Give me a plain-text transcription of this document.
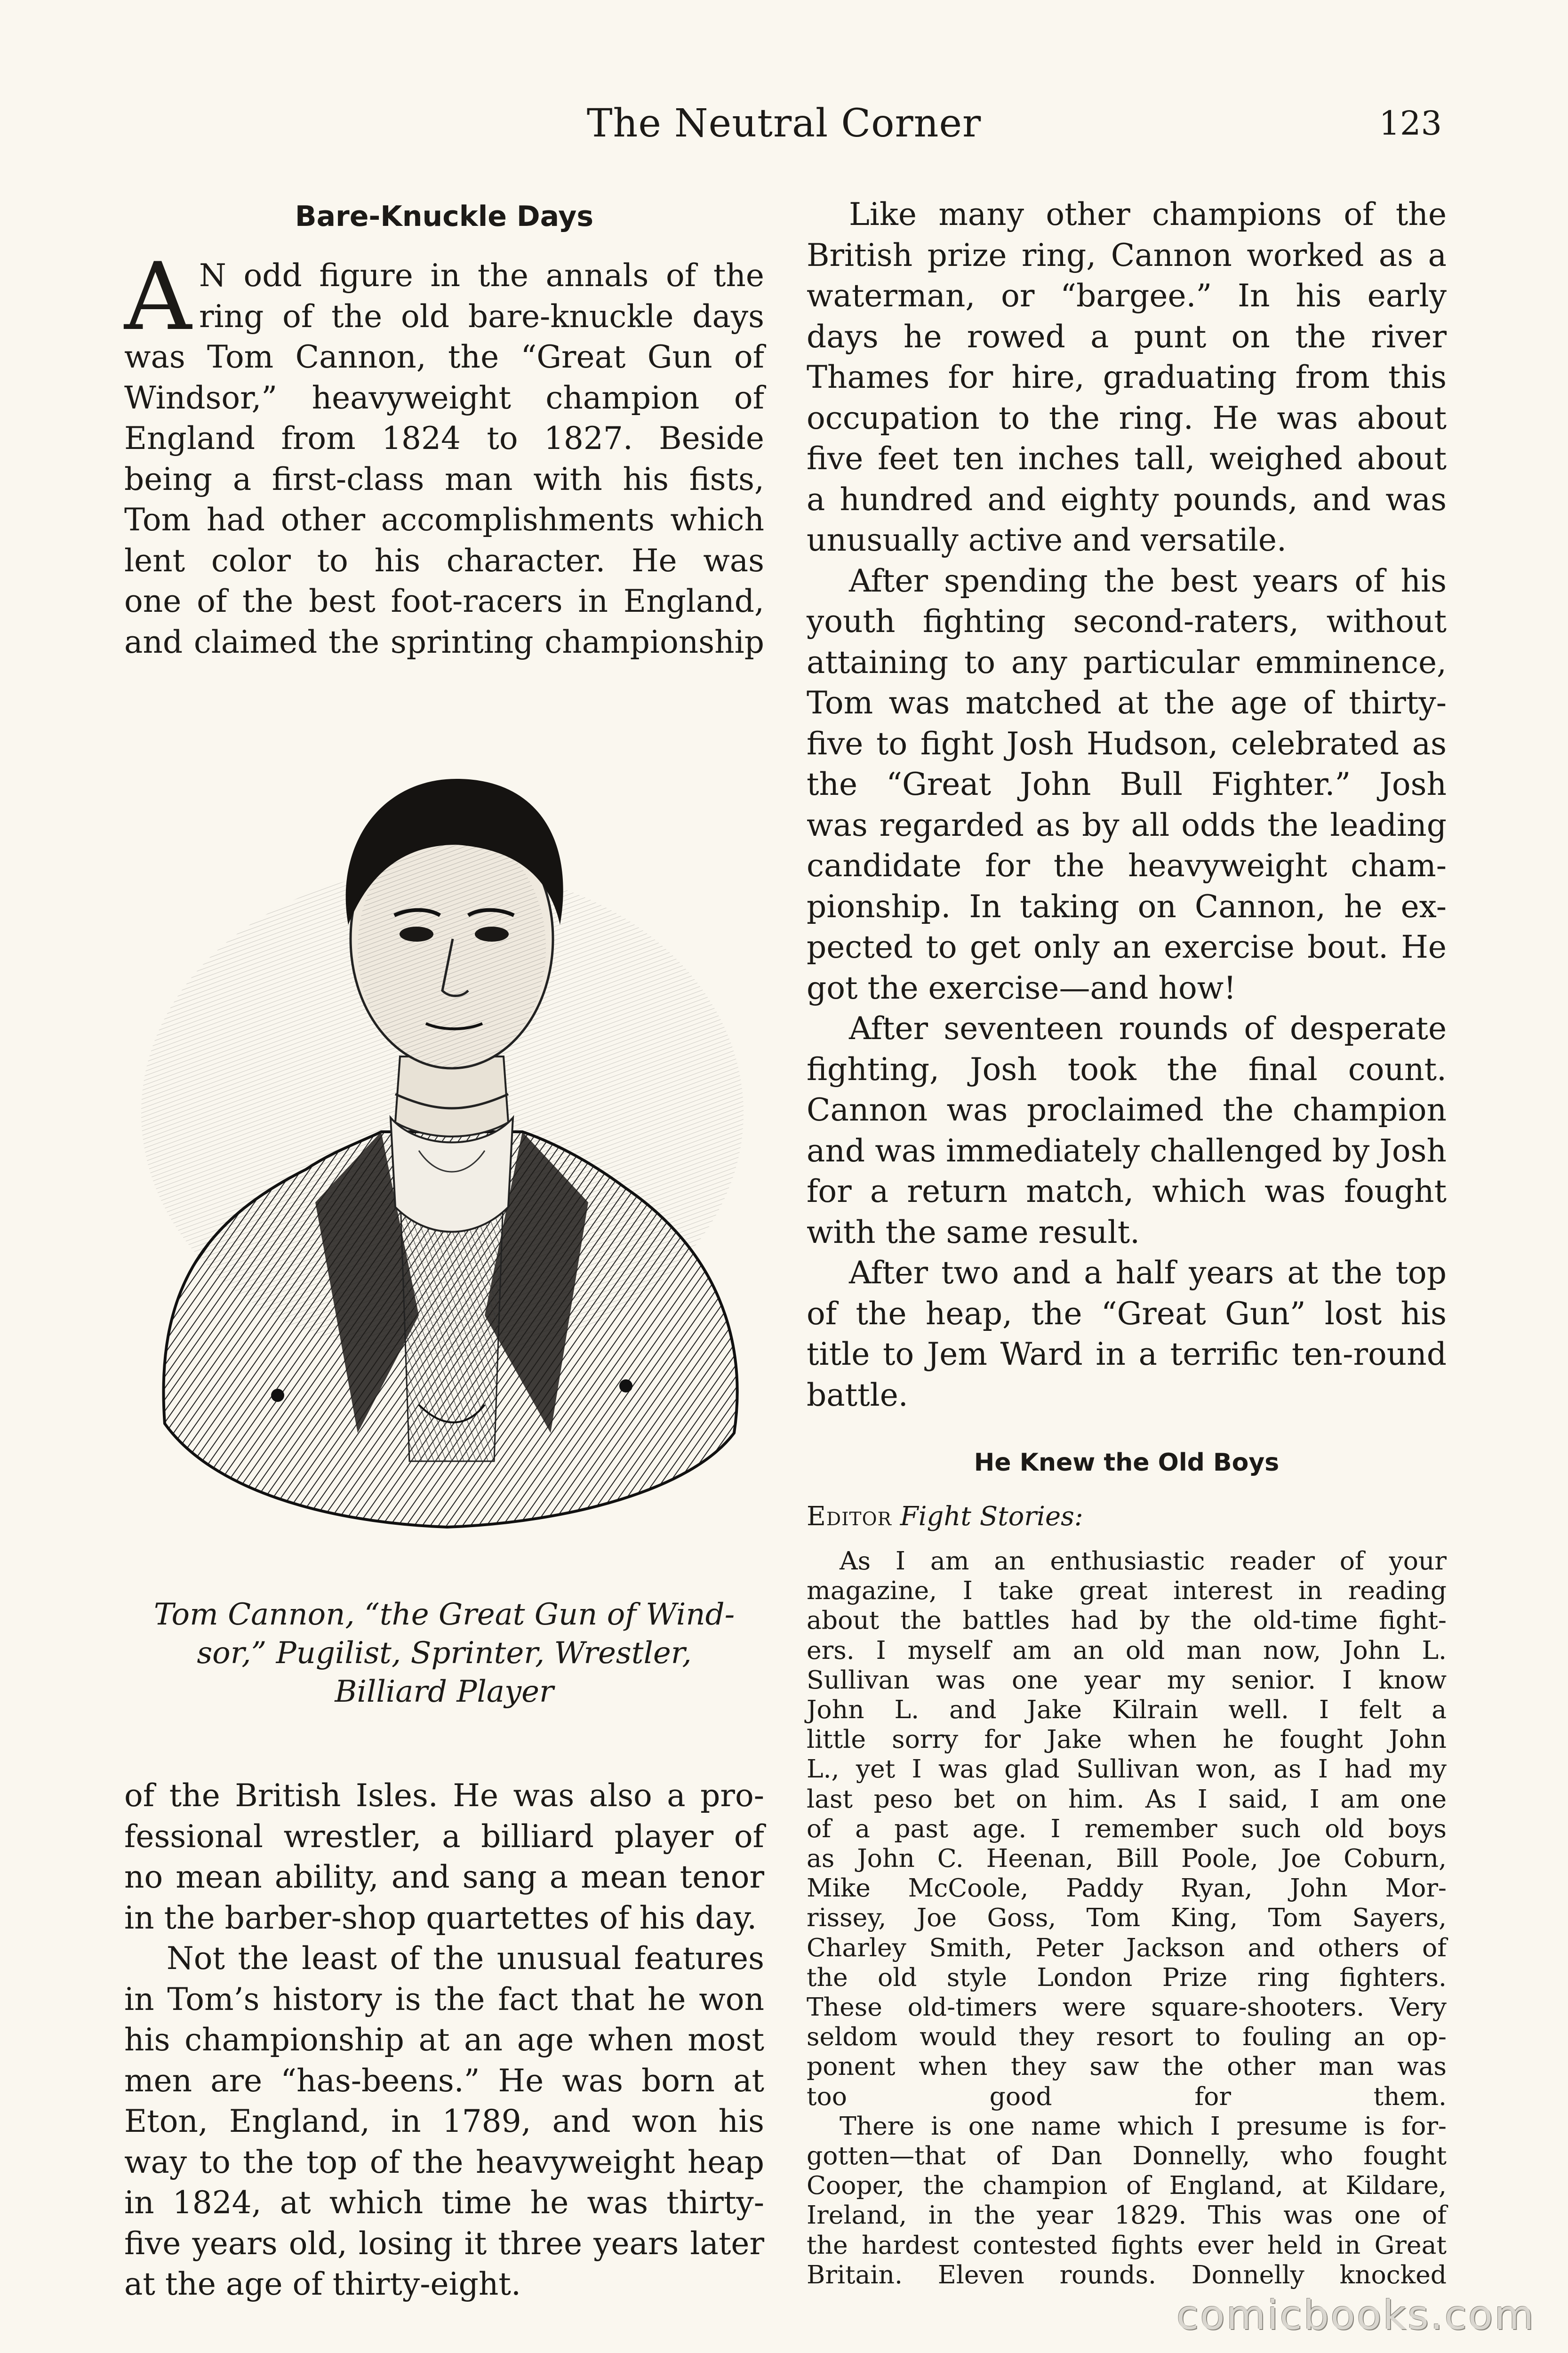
The Neutral Corner	123
Bare-Knuckle Days
A N odd figure in the annals of the
ring of the old bare-knuckle days
was Tom Cannon, the “Great Gun of
Windsor,” heavyweight champion of
England from 1824 to 1827. Beside
being a first-class man with his fists,
Tom had other accomplishments which
lent color to his character. He was
one of the best foot-racers in England,
and claimed the sprinting championship
Tom Cannon, “the Great Gun of Wind-
sor,” Pugilist, Sprinter, Wrestler,
Billiard Player
of the British Isles. He was also a pro-
fessional wrestler, a billiard player of
no mean ability, and sang a mean tenor
in the barber-shop quartettes of his day.
Not the least of the unusual features
in Tom’s history is the fact that he won
his championship at an age when most
men are “has-beens.” He was born at
Eton, England, in 1789, and won his
way to the top of the heavyweight heap
in 1824, at which time he was thirty-
five years old, losing it three years later
at the age of thirty-eight.
Like many other champions of the
British prize ring, Cannon worked as a
waterman, or “bargee.” In his early
days he rowed a punt on the river
Thames for hire, graduating from this
occupation to the ring. He was about
five feet ten inches tall, weighed about
a hundred and eighty pounds, and was
unusually active and versatile.
After spending the best years of his
youth fighting second-raters, without
attaining to any particular emminence,
Tom was matched at the age of thirty-
five to fight Josh Hudson, celebrated as
the “Great John Bull Fighter.” Josh
was regarded as by all odds the leading
candidate for the heavyweight cham-
pionship. In taking on Cannon, he ex-
pected to get only an exercise bout. He
got the exercise—and how!
After seventeen rounds of desperate
fighting, Josh took the final count.
Cannon was proclaimed the champion
and was immediately challenged by Josh
for a return match, which was fought
with the same result.
After two and a half years at the top
of the heap, the “Great Gun” lost his
title to Jem Ward in a terrific ten-round
battle.
He Knew the Old Boys

Editor Fight Stories:

As I am an enthusiastic reader of your
magazine, I take great interest in reading
about the battles had by the old-time fight-
ers. I myself am an old man now, John L.
Sullivan was one year my senior. I know
John L. and Jake Kilrain well. I felt a
little sorry for Jake when he fought John
L., yet I was glad Sullivan won, as I had my
last peso bet on him. As I said, I am one
of a past age. I remember such old boys
as John C. Heenan, Bill Poole, Joe Coburn,
Mike McCoole, Paddy Ryan, John Mor-
rissey, Joe Goss, Tom King, Tom Sayers,
Charley Smith, Peter Jackson and others of
the old style London Prize ring fighters.
These old-timers were square-shooters. Very
seldom would they resort to fouling an op-
ponent when they saw the other man was
too good for them.
There is one name which I presume is for-
gotten—that of Dan Donnelly, who fought
Cooper, the champion of England, at Kildare,
Ireland, in the year 1829. This was one of
the hardest contested fights ever held in Great
Britain. Eleven rounds. Donnelly knocked
comicbooks.com
